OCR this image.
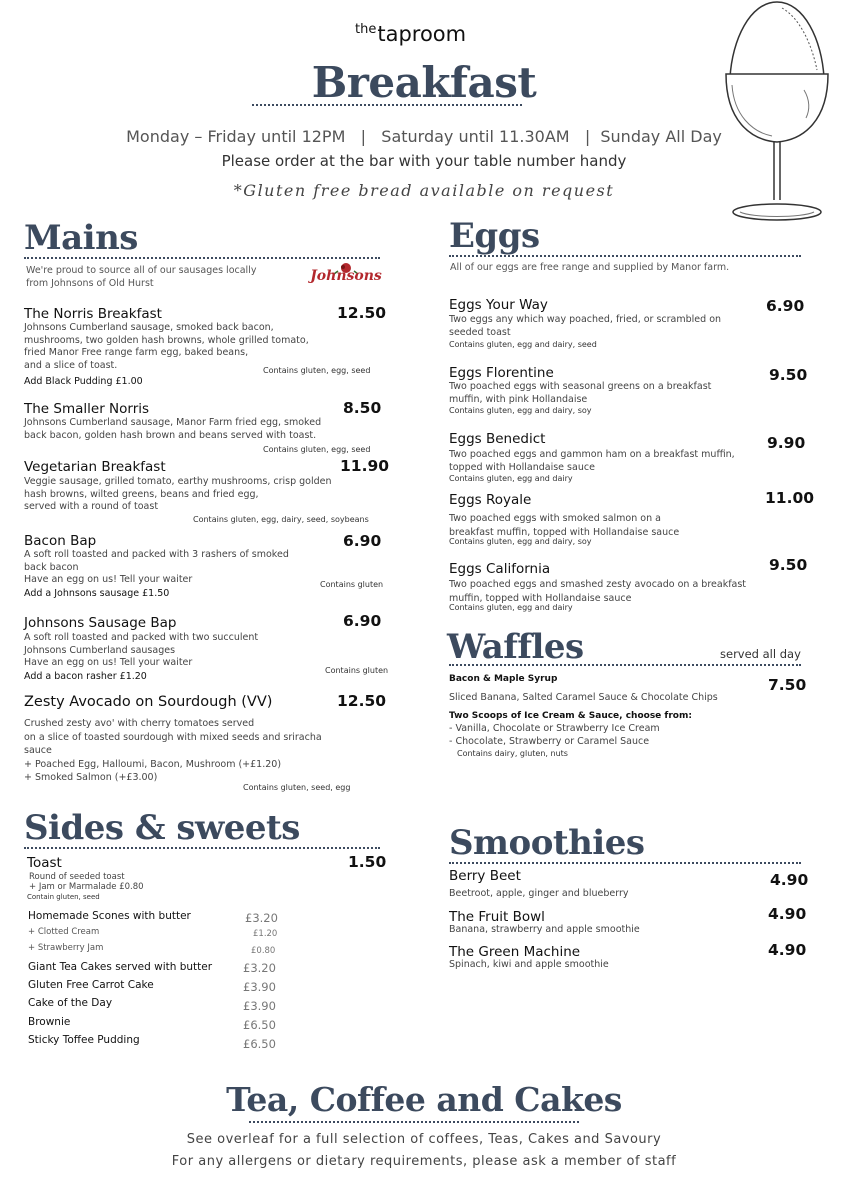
$^{the}$taproom
Breakfast
Monday – Friday until 12PM   |   Saturday until 11.30AM   |  Sunday All Day
Please order at the bar with your table number handy
*Gluten free bread available on request
Mains
We're proud to source all of our sausages locally
from Johnsons of Old Hurst	Johnsons
The Norris Breakfast	12.50
Johnsons Cumberland sausage, smoked back bacon,
mushrooms, two golden hash browns, whole grilled tomato,
fried Manor Free range farm egg, baked beans,
and a slice of toast.
Add Black Pudding £1.00
Contains gluten, egg, seed
The Smaller Norris	8.50
Johnsons Cumberland sausage, Manor Farm fried egg, smoked
back bacon, golden hash brown and beans served with toast.
Contains gluten, egg, seed
Vegetarian Breakfast	11.90
Veggie sausage, grilled tomato, earthy mushrooms, crisp golden
hash browns, wilted greens, beans and fried egg,
served with a round of toast
Contains gluten, egg, dairy, seed, soybeans
Bacon Bap	6.90
A soft roll toasted and packed with 3 rashers of smoked
back bacon
Have an egg on us! Tell your waiter
Add a Johnsons sausage £1.50
Contains gluten
Johnsons Sausage Bap	6.90
A soft roll toasted and packed with two succulent
Johnsons Cumberland sausages
Have an egg on us! Tell your waiter
Add a bacon rasher £1.20
Contains gluten
Zesty Avocado on Sourdough (VV)	12.50
Crushed zesty avo' with cherry tomatoes served
on a slice of toasted sourdough with mixed seeds and sriracha
sauce
+ Poached Egg, Halloumi, Bacon, Mushroom (+£1.20)
+ Smoked Salmon (+£3.00)
Contains gluten, seed, egg
Eggs
All of our eggs are free range and supplied by Manor farm.
Eggs Your Way	6.90
Two eggs any which way poached, fried, or scrambled on
seeded toast
Contains gluten, egg and dairy, seed
Eggs Florentine	9.50
Two poached eggs with seasonal greens on a breakfast
muffin, with pink Hollandaise
Contains gluten, egg and dairy, soy
Eggs Benedict	9.90
Two poached eggs and gammon ham on a breakfast muffin,
topped with Hollandaise sauce
Contains gluten, egg and dairy
Eggs Royale	11.00
Two poached eggs with smoked salmon on a
breakfast muffin, topped with Hollandaise sauce
Contains gluten, egg and dairy, soy
Eggs California	9.50
Two poached eggs and smashed zesty avocado on a breakfast
muffin, topped with Hollandaise sauce
Contains gluten, egg and dairy
Waffles	served all day
Bacon & Maple Syrup	7.50
Sliced Banana, Salted Caramel Sauce & Chocolate Chips
Two Scoops of Ice Cream & Sauce, choose from:
- Vanilla, Chocolate or Strawberry Ice Cream
- Chocolate, Strawberry or Caramel Sauce
Contains dairy, gluten, nuts
Sides & sweets
Toast	1.50
Round of seeded toast
+ Jam or Marmalade £0.80
Contain gluten, seed
Homemade Scones with butter	£3.20
+ Clotted Cream	£1.20
+ Strawberry Jam	£0.80
Giant Tea Cakes served with butter	£3.20
Gluten Free Carrot Cake	£3.90
Cake of the Day	£3.90
Brownie	£6.50
Sticky Toffee Pudding	£6.50
Smoothies
Berry Beet	4.90
Beetroot, apple, ginger and blueberry
The Fruit Bowl	4.90
Banana, strawberry and apple smoothie
The Green Machine	4.90
Spinach, kiwi and apple smoothie
Tea, Coffee and Cakes
See overleaf for a full selection of coffees, Teas, Cakes and Savoury
For any allergens or dietary requirements, please ask a member of staff
